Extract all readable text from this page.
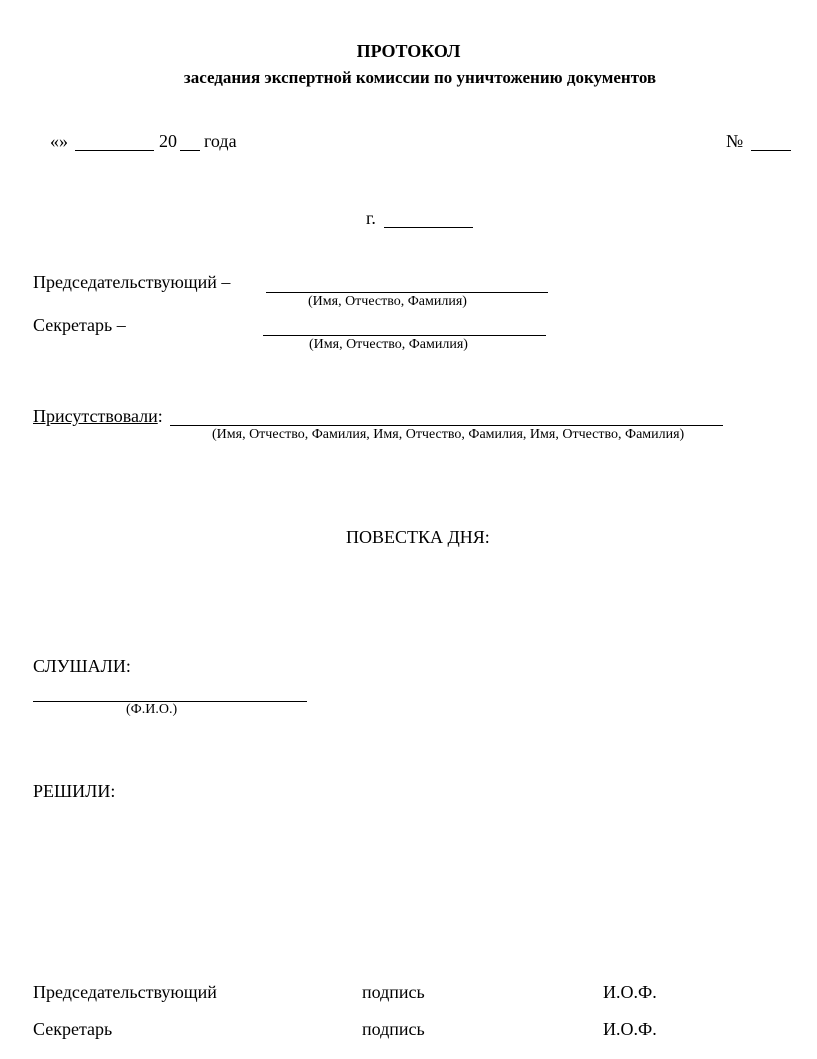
ПРОТОКОЛ
заседания экспертной комиссии по уничтожению документов
«»	20 года	№
г.
Председательствующий –
(Имя, Отчество, Фамилия)
Секретарь –
(Имя, Отчество, Фамилия)
Присутствовали:
(Имя, Отчество, Фамилия, Имя, Отчество, Фамилия, Имя, Отчество, Фамилия)
ПОВЕСТКА ДНЯ:
СЛУШАЛИ:
(Ф.И.О.)
РЕШИЛИ:
Председательствующий	подпись	И.О.Ф.
Секретарь	подпись	И.О.Ф.
